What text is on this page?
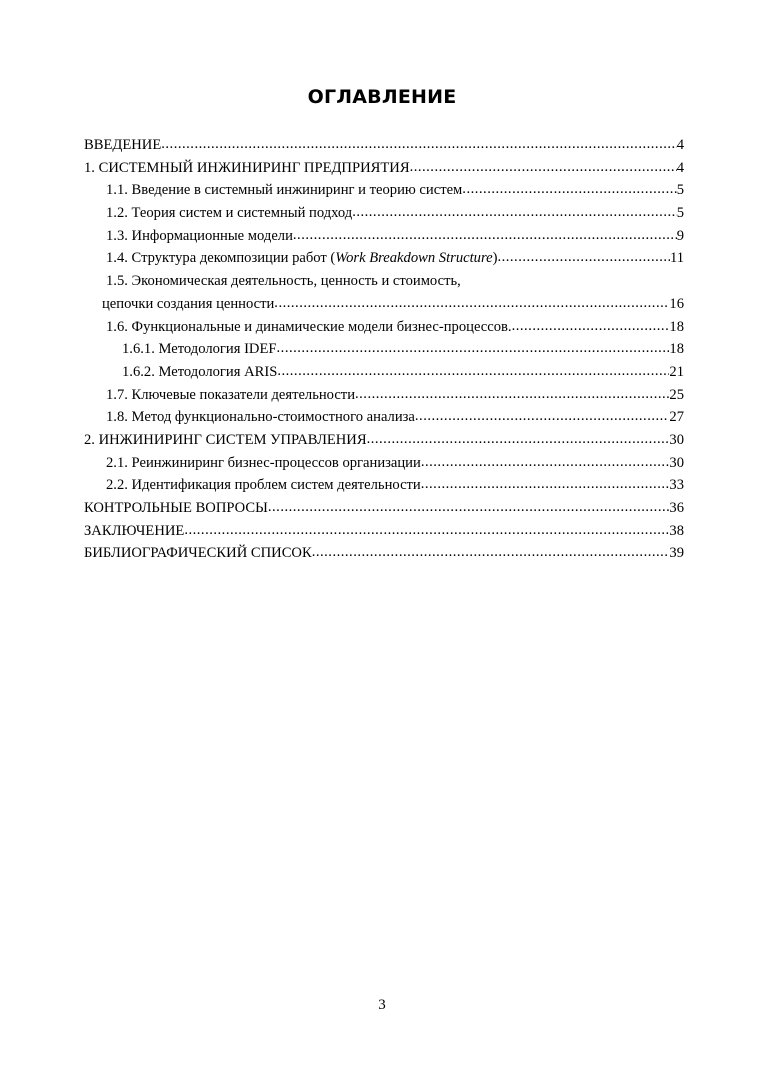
ОГЛАВЛЕНИЕ
ВВЕДЕНИЕ .....	4
1. СИСТЕМНЫЙ ИНЖИНИРИНГ ПРЕДПРИЯТИЯ .....	4
1.1. Введение в системный инжиниринг и теорию систем .....	5
1.2. Теория систем и системный подход .....	5
1.3. Информационные модели .....	9
1.4. Структура декомпозиции работ (Work Breakdown Structure) .....	11
1.5. Экономическая деятельность, ценность и стоимость,
цепочки создания ценности .....	16
1.6. Функциональные и динамические модели бизнес-процессов. .....	18
1.6.1. Методология IDEF .....	18
1.6.2. Методология ARIS .....	21
1.7. Ключевые показатели деятельности .....	25
1.8. Метод функционально-стоимостного анализа .....	27
2. ИНЖИНИРИНГ СИСТЕМ УПРАВЛЕНИЯ .....	30
2.1. Реинжиниринг бизнес-процессов организации .....	30
2.2. Идентификация проблем систем деятельности .....	33
КОНТРОЛЬНЫЕ ВОПРОСЫ .....	36
ЗАКЛЮЧЕНИЕ .....	38
БИБЛИОГРАФИЧЕСКИЙ СПИСОК .....	39
3
